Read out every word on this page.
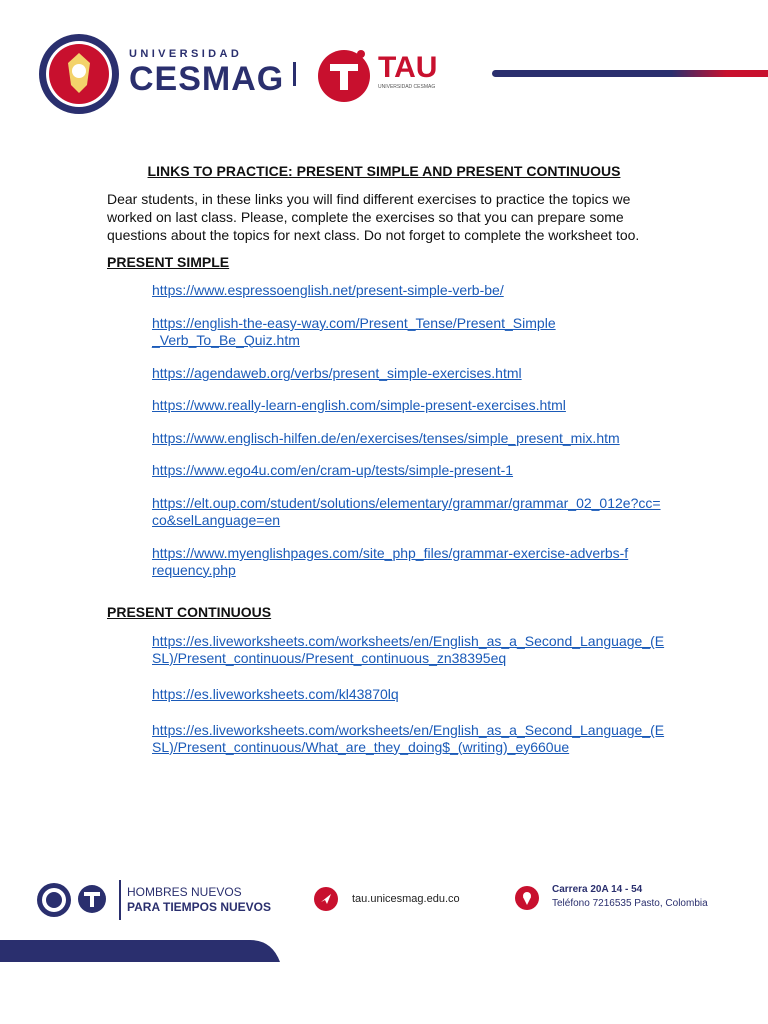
UNIVERSIDAD
CESMAG	TAU
UNIVERSIDAD CESMAG
LINKS TO PRACTICE: PRESENT SIMPLE AND PRESENT CONTINUOUS
Dear students, in these links you will find different exercises to practice the topics we worked on last class. Please, complete the exercises so that you can prepare some questions about the topics for next class. Do not forget to complete the worksheet too.
PRESENT SIMPLE
https://www.espressoenglish.net/present-simple-verb-be/
https://english-the-easy-way.com/Present_Tense/Present_Simple_Verb_To_Be_Quiz.htm
https://agendaweb.org/verbs/present_simple-exercises.html
https://www.really-learn-english.com/simple-present-exercises.html
https://www.englisch-hilfen.de/en/exercises/tenses/simple_present_mix.htm
https://www.ego4u.com/en/cram-up/tests/simple-present-1
https://elt.oup.com/student/solutions/elementary/grammar/grammar_02_012e?cc=co&selLanguage=en
https://www.myenglishpages.com/site_php_files/grammar-exercise-adverbs-frequency.php
PRESENT CONTINUOUS
https://es.liveworksheets.com/worksheets/en/English_as_a_Second_Language_(ESL)/Present_continuous/Present_continuous_zn38395eq
https://es.liveworksheets.com/kl43870lq
https://es.liveworksheets.com/worksheets/en/English_as_a_Second_Language_(ESL)/Present_continuous/What_are_they_doing$_(writing)_ey660ue
HOMBRES NUEVOS
PARA TIEMPOS NUEVOS
tau.unicesmag.edu.co
Carrera 20A 14 - 54
Teléfono 7216535 Pasto, Colombia
